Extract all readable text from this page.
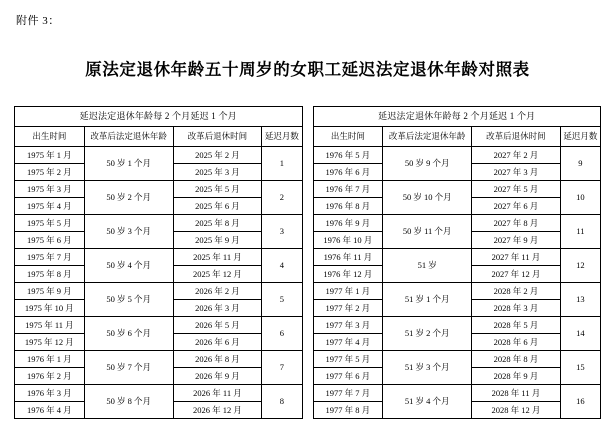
附件 3：
原法定退休年龄五十周岁的女职工延迟法定退休年龄对照表
延迟法定退休年龄每 2 个月延迟 1 个月			
出生时间	改革后法定退休年龄	改革后退休时间	延迟月数
1975 年 1 月	50 岁 1 个月	2025 年 2 月	1
1975 年 2 月		2025 年 3 月	
1975 年 3 月	50 岁 2 个月	2025 年 5 月	2
1975 年 4 月		2025 年 6 月	
1975 年 5 月	50 岁 3 个月	2025 年 8 月	3
1975 年 6 月		2025 年 9 月	
1975 年 7 月	50 岁 4 个月	2025 年 11 月	4
1975 年 8 月		2025 年 12 月	
1975 年 9 月	50 岁 5 个月	2026 年 2 月	5
1975 年 10 月		2026 年 3 月	
1975 年 11 月	50 岁 6 个月	2026 年 5 月	6
1975 年 12 月		2026 年 6 月	
1976 年 1 月	50 岁 7 个月	2026 年 8 月	7
1976 年 2 月		2026 年 9 月	
1976 年 3 月	50 岁 8 个月	2026 年 11 月	8
1976 年 4 月		2026 年 12 月	
延迟法定退休年龄每 2 个月延迟 1 个月			
出生时间	改革后法定退休年龄	改革后退休时间	延迟月数
1976 年 5 月	50 岁 9 个月	2027 年 2 月	9
1976 年 6 月		2027 年 3 月	
1976 年 7 月	50 岁 10 个月	2027 年 5 月	10
1976 年 8 月		2027 年 6 月	
1976 年 9 月	50 岁 11 个月	2027 年 8 月	11
1976 年 10 月		2027 年 9 月	
1976 年 11 月	51 岁	2027 年 11 月	12
1976 年 12 月		2027 年 12 月	
1977 年 1 月	51 岁 1 个月	2028 年 2 月	13
1977 年 2 月		2028 年 3 月	
1977 年 3 月	51 岁 2 个月	2028 年 5 月	14
1977 年 4 月		2028 年 6 月	
1977 年 5 月	51 岁 3 个月	2028 年 8 月	15
1977 年 6 月		2028 年 9 月	
1977 年 7 月	51 岁 4 个月	2028 年 11 月	16
1977 年 8 月		2028 年 12 月	
